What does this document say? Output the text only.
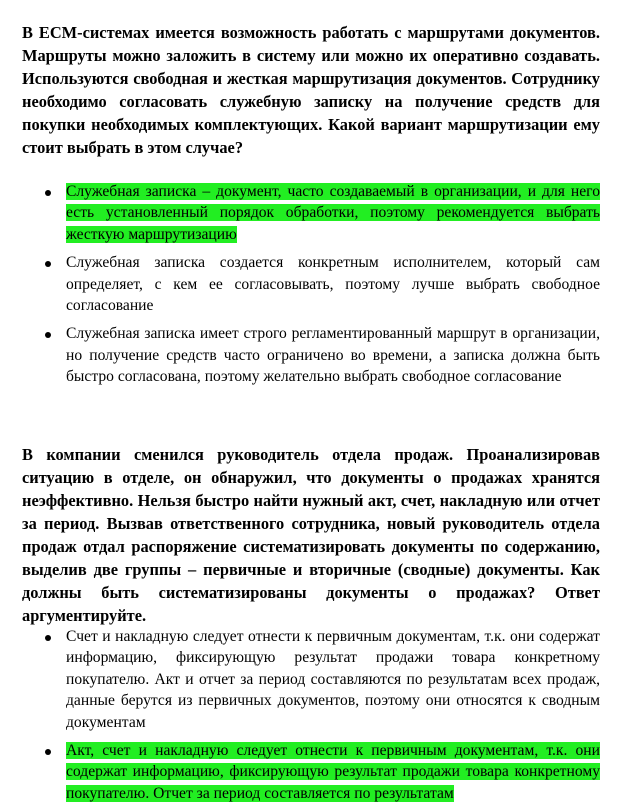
В ECM-системах имеется возможность работать с маршрутами документов. Маршруты можно заложить в систему или можно их оперативно создавать. Используются свободная и жесткая маршрутизация документов. Сотруднику необходимо согласовать служебную записку на получение средств для покупки необходимых комплектующих. Какой вариант маршрутизации ему стоит выбрать в этом случае?

Служебная записка – документ, часто создаваемый в организации, и для него есть установленный порядок обработки, поэтому рекомендуется выбрать жесткую маршрутизацию
Служебная записка создается конкретным исполнителем, который сам определяет, с кем ее согласовывать, поэтому лучше выбрать свободное согласование
Служебная записка имеет строго регламентированный маршрут в организации, но получение средств часто ограничено во времени, а записка должна быть быстро согласована, поэтому желательно выбрать свободное согласование

В компании сменился руководитель отдела продаж. Проанализировав ситуацию в отделе, он обнаружил, что документы о продажах хранятся неэффективно. Нельзя быстро найти нужный акт, счет, накладную или отчет за период. Вызвав ответственного сотрудника, новый руководитель отдела продаж отдал распоряжение систематизировать документы по содержанию, выделив две группы – первичные и вторичные (сводные) документы. Как должны быть систематизированы документы о продажах? Ответ аргументируйте.

Счет и накладную следует отнести к первичным документам, т.к. они содержат информацию, фиксирующую результат продажи товара конкретному покупателю. Акт и отчет за период составляются по результатам всех продаж, данные берутся из первичных документов, поэтому они относятся к сводным документам
Акт, счет и накладную следует отнести к первичным документам, т.к. они содержат информацию, фиксирующую результат продажи товара конкретному покупателю. Отчет за период составляется по результатам
